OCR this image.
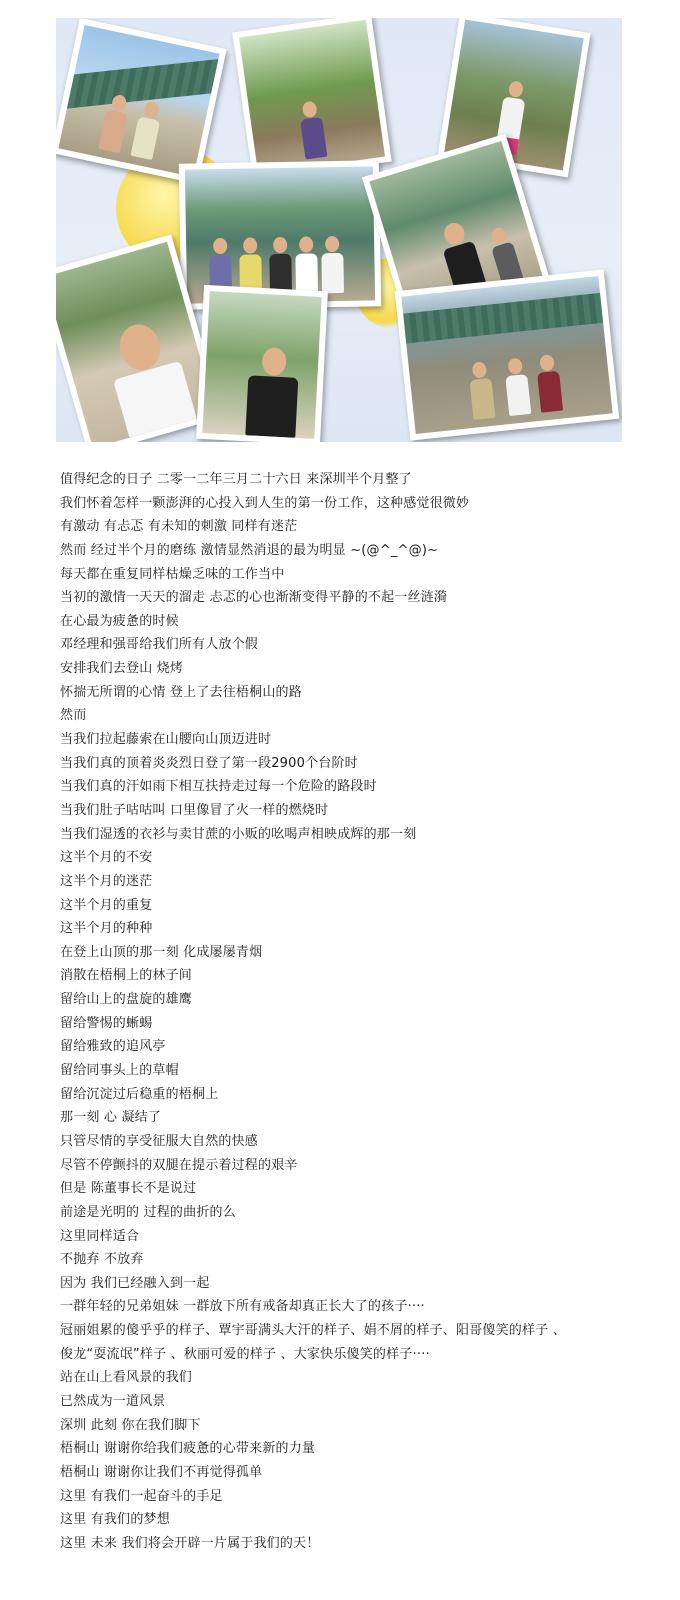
值得纪念的日子 二零一二年三月二十六日 来深圳半个月整了
我们怀着怎样一颗澎湃的心投入到人生的第一份工作，这种感觉很微妙
有激动 有忐忑 有未知的刺激 同样有迷茫
然而 经过半个月的磨练 激情显然消退的最为明显 ~(@^_^@)~
每天都在重复同样枯燥乏味的工作当中
当初的激情一天天的溜走 忐忑的心也渐渐变得平静的不起一丝涟漪
在心最为疲惫的时候
邓经理和强哥给我们所有人放个假
安排我们去登山 烧烤
怀揣无所谓的心情 登上了去往梧桐山的路
然而
当我们拉起藤索在山腰向山顶迈进时
当我们真的顶着炎炎烈日登了第一段2900个台阶时
当我们真的汗如雨下相互扶持走过每一个危险的路段时
当我们肚子咕咕叫 口里像冒了火一样的燃烧时
当我们湿透的衣衫与卖甘蔗的小贩的吆喝声相映成辉的那一刻
这半个月的不安
这半个月的迷茫
这半个月的重复
这半个月的种种
在登上山顶的那一刻 化成屡屡青烟
消散在梧桐上的林子间
留给山上的盘旋的雄鹰
留给警惕的蜥蜴
留给雅致的追风亭
留给同事头上的草帽
留给沉淀过后稳重的梧桐上
那一刻 心 凝结了
只管尽情的享受征服大自然的快感
尽管不停颤抖的双腿在提示着过程的艰辛
但是 陈董事长不是说过
前途是光明的 过程的曲折的么
这里同样适合
不抛弃 不放弃
因为 我们已经融入到一起
一群年轻的兄弟姐妹 一群放下所有戒备却真正长大了的孩子····
冠丽姐累的傻乎乎的样子、覃宇哥满头大汗的样子、娟不屑的样子、阳哥傻笑的样子 、
俊龙“耍流氓”样子 、秋丽可爱的样子 、大家快乐傻笑的样子····
站在山上看风景的我们
已然成为一道风景
深圳 此刻 你在我们脚下
梧桐山 谢谢你给我们疲惫的心带来新的力量
梧桐山 谢谢你让我们不再觉得孤单
这里 有我们一起奋斗的手足
这里 有我们的梦想
这里 未来 我们将会开辟一片属于我们的天！
